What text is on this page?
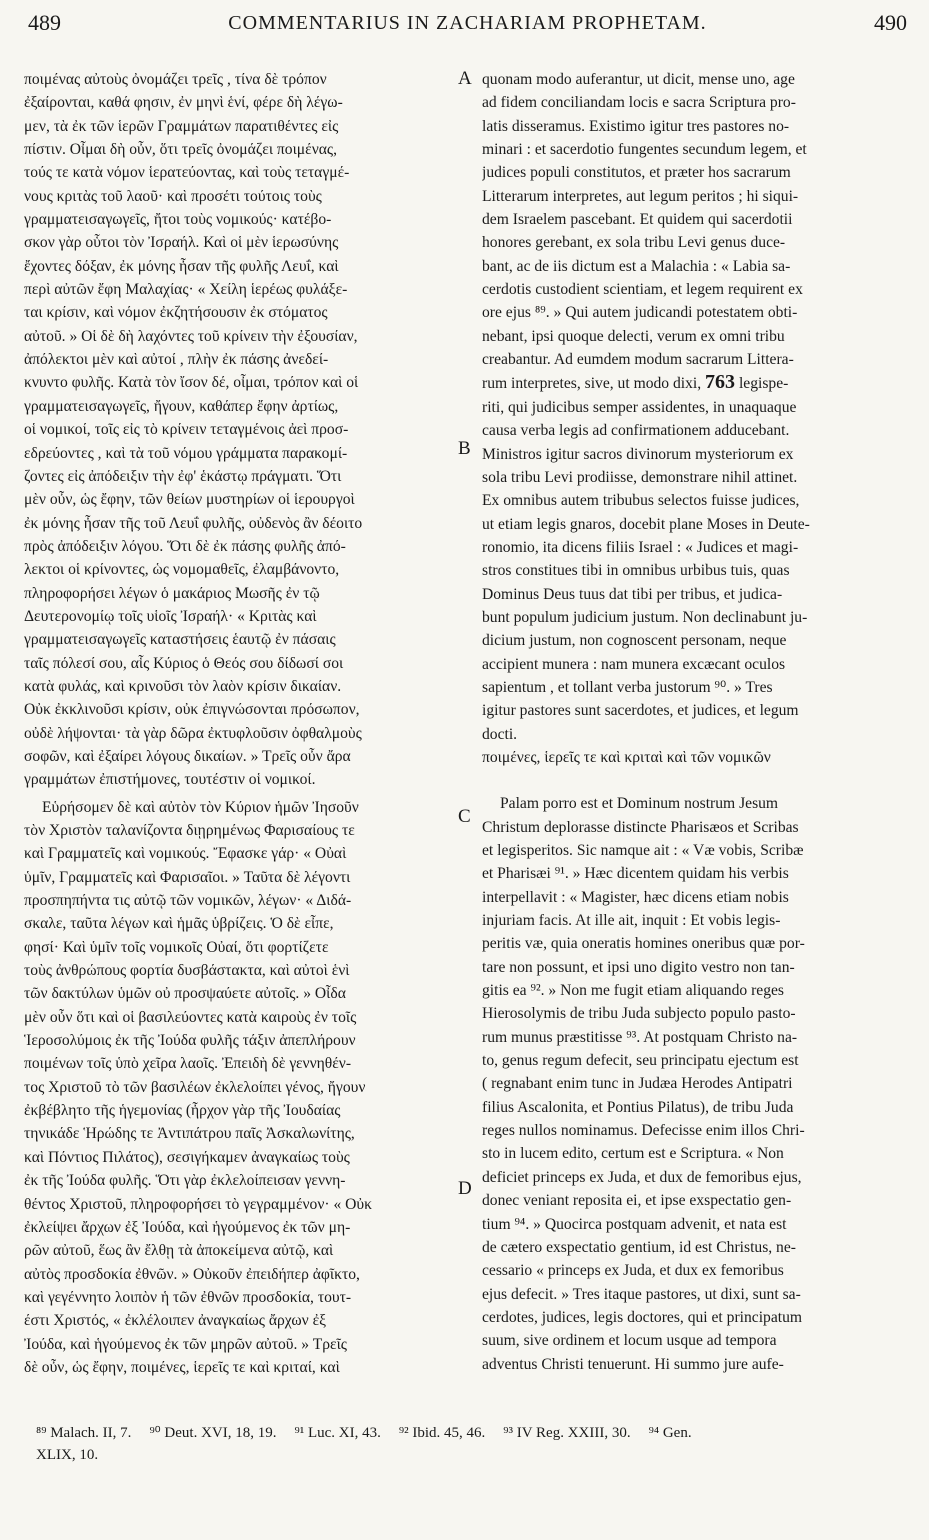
489	COMMENTARIUS IN ZACHARIAM PROPHETAM.	490
A
B
C
D
ποιμένας αὐτοὺς ὀνομάζει τρεῖς , τίνα δὲ τρόπον
ἐξαίρονται, καθά φησιν, ἐν μηνὶ ἑνί, φέρε δὴ λέγω-
μεν, τὰ ἐκ τῶν ἱερῶν Γραμμάτων παρατιθέντες εἰς
πίστιν. Οἶμαι δὴ οὖν, ὅτι τρεῖς ὀνομάζει ποιμένας,
τούς τε κατὰ νόμον ἱερατεύοντας, καὶ τοὺς τεταγμέ-
νους κριτὰς τοῦ λαοῦ· καὶ προσέτι τούτοις τοὺς
γραμματεισαγωγεῖς, ἤτοι τοὺς νομικούς· κατέβο-
σκον γὰρ οὗτοι τὸν Ἰσραήλ. Καὶ οἱ μὲν ἱερωσύνης
ἔχοντες δόξαν, ἐκ μόνης ἦσαν τῆς φυλῆς Λευΐ, καὶ
περὶ αὐτῶν ἔφη Μαλαχίας· « Χείλη ἱερέως φυλάξε-
ται κρίσιν, καὶ νόμον ἐκζητήσουσιν ἐκ στόματος
αὐτοῦ. » Οἱ δὲ δὴ λαχόντες τοῦ κρίνειν τὴν ἐξουσίαν,
ἀπόλεκτοι μὲν καὶ αὐτοί , πλὴν ἐκ πάσης ἀνεδεί-
κνυντο φυλῆς. Κατὰ τὸν ἴσον δέ, οἶμαι, τρόπον καὶ οἱ
γραμματεισαγωγεῖς, ἤγουν, καθάπερ ἔφην ἀρτίως,
οἱ νομικοί, τοῖς εἰς τὸ κρίνειν τεταγμένοις ἀεὶ προσ-
εδρεύοντες , καὶ τὰ τοῦ νόμου γράμματα παρακομί-
ζοντες εἰς ἀπόδειξιν τὴν ἐφ' ἑκάστῳ πράγματι. Ὅτι
μὲν οὖν, ὡς ἔφην, τῶν θείων μυστηρίων οἱ ἱερουργοὶ
ἐκ μόνης ἦσαν τῆς τοῦ Λευΐ φυλῆς, οὐδενὸς ἂν δέοιτο
πρὸς ἀπόδειξιν λόγου. Ὅτι δὲ ἐκ πάσης φυλῆς ἀπό-
λεκτοι οἱ κρίνοντες, ὡς νομομαθεῖς, ἐλαμβάνοντο,
πληροφορήσει λέγων ὁ μακάριος Μωσῆς ἐν τῷ
Δευτερονομίῳ τοῖς υἱοῖς Ἰσραήλ· « Κριτὰς καὶ
γραμματεισαγωγεῖς καταστήσεις ἑαυτῷ ἐν πάσαις
ταῖς πόλεσί σου, αἷς Κύριος ὁ Θεός σου δίδωσί σοι
κατὰ φυλάς, καὶ κρινοῦσι τὸν λαὸν κρίσιν δικαίαν.
Οὐκ ἐκκλινοῦσι κρίσιν, οὐκ ἐπιγνώσονται πρόσωπον,
οὐδὲ λήψονται· τὰ γὰρ δῶρα ἐκτυφλοῦσιν ὀφθαλμοὺς
σοφῶν, καὶ ἐξαίρει λόγους δικαίων. » Τρεῖς οὖν ἄρα
γραμμάτων ἐπιστήμονες, τουτέστιν οἱ νομικοί.
Εὑρήσομεν δὲ καὶ αὐτὸν τὸν Κύριον ἡμῶν Ἰησοῦν
τὸν Χριστὸν ταλανίζοντα διῃρημένως Φαρισαίους τε
καὶ Γραμματεῖς καὶ νομικούς. Ἔφασκε γάρ· « Οὐαὶ
ὑμῖν, Γραμματεῖς καὶ Φαρισαῖοι. » Ταῦτα δὲ λέγοντι
προσπηπήντα τις αὐτῷ τῶν νομικῶν, λέγων· « Διδά-
σκαλε, ταῦτα λέγων καὶ ἡμᾶς ὑβρίζεις. Ὁ δὲ εἶπε,
φησί· Καὶ ὑμῖν τοῖς νομικοῖς Οὐαί, ὅτι φορτίζετε
τοὺς ἀνθρώπους φορτία δυσβάστακτα, καὶ αὐτοὶ ἑνὶ
τῶν δακτύλων ὑμῶν οὐ προσψαύετε αὐτοῖς. » Οἶδα
μὲν οὖν ὅτι καὶ οἱ βασιλεύοντες κατὰ καιροὺς ἐν τοῖς
Ἱεροσολύμοις ἐκ τῆς Ἰούδα φυλῆς τάξιν ἀπεπλήρουν
ποιμένων τοῖς ὑπὸ χεῖρα λαοῖς. Ἐπειδὴ δὲ γεννηθέν-
τος Χριστοῦ τὸ τῶν βασιλέων ἐκλελοίπει γένος, ἤγουν
ἐκβέβλητο τῆς ἡγεμονίας (ἦρχον γὰρ τῆς Ἰουδαίας
τηνικάδε Ἡρώδης τε Ἀντιπάτρου παῖς Ἀσκαλωνίτης,
καὶ Πόντιος Πιλάτος), σεσιγήκαμεν ἀναγκαίως τοὺς
ἐκ τῆς Ἰούδα φυλῆς. Ὅτι γὰρ ἐκλελοίπεισαν γεννη-
θέντος Χριστοῦ, πληροφορήσει τὸ γεγραμμένον· « Οὐκ
ἐκλείψει ἄρχων ἐξ Ἰούδα, καὶ ἡγούμενος ἐκ τῶν μη-
ρῶν αὐτοῦ, ἕως ἂν ἔλθῃ τὰ ἀποκείμενα αὐτῷ, καὶ
αὐτὸς προσδοκία ἐθνῶν. » Οὐκοῦν ἐπειδήπερ ἀφῖκτο,
καὶ γεγέννητο λοιπὸν ἡ τῶν ἐθνῶν προσδοκία, τουτ-
έστι Χριστός, « ἐκλέλοιπεν ἀναγκαίως ἄρχων ἐξ
Ἰούδα, καὶ ἡγούμενος ἐκ τῶν μηρῶν αὐτοῦ. » Τρεῖς
δὲ οὖν, ὡς ἔφην, ποιμένες, ἱερεῖς τε καὶ κριταί, καὶ
quonam modo auferantur, ut dicit, mense uno, age
ad fidem conciliandam locis e sacra Scriptura pro-
latis disseramus. Existimo igitur tres pastores no-
minari : et sacerdotio fungentes secundum legem, et
judices populi constitutos, et præter hos sacrarum
Litterarum interpretes, aut legum peritos ; hi siqui-
dem Israelem pascebant. Et quidem qui sacerdotii
honores gerebant, ex sola tribu Levi genus duce-
bant, ac de iis dictum est a Malachia : « Labia sa-
cerdotis custodient scientiam, et legem requirent ex
ore ejus ⁸⁹. » Qui autem judicandi potestatem obti-
nebant, ipsi quoque delecti, verum ex omni tribu
creabantur. Ad eumdem modum sacrarum Littera-
rum interpretes, sive, ut modo dixi, 763 legispe-
riti, qui judicibus semper assidentes, in unaquaque
causa verba legis ad confirmationem adducebant.
Ministros igitur sacros divinorum mysteriorum ex
sola tribu Levi prodiisse, demonstrare nihil attinet.
Ex omnibus autem tribubus selectos fuisse judices,
ut etiam legis gnaros, docebit plane Moses in Deute-
ronomio, ita dicens filiis Israel : « Judices et magi-
stros constitues tibi in omnibus urbibus tuis, quas
Dominus Deus tuus dat tibi per tribus, et judica-
bunt populum judicium justum. Non declinabunt ju-
dicium justum, non cognoscent personam, neque
accipient munera : nam munera excæcant oculos
sapientum , et tollant verba justorum ⁹⁰. » Tres
igitur pastores sunt sacerdotes, et judices, et legum
docti.
ποιμένες, ἱερεῖς τε καὶ κριταὶ καὶ τῶν νομικῶν
Palam porro est et Dominum nostrum Jesum
Christum deplorasse distincte Pharisæos et Scribas
et legisperitos. Sic namque ait : « Væ vobis, Scribæ
et Pharisæi ⁹¹. » Hæc dicentem quidam his verbis
interpellavit : « Magister, hæc dicens etiam nobis
injuriam facis. At ille ait, inquit : Et vobis legis-
peritis væ, quia oneratis homines oneribus quæ por-
tare non possunt, et ipsi uno digito vestro non tan-
gitis ea ⁹². » Non me fugit etiam aliquando reges
Hierosolymis de tribu Juda subjecto populo pasto-
rum munus præstitisse ⁹³. At postquam Christo na-
to, genus regum defecit, seu principatu ejectum est
( regnabant enim tunc in Judæa Herodes Antipatri
filius Ascalonita, et Pontius Pilatus), de tribu Juda
reges nullos nominamus. Defecisse enim illos Chri-
sto in lucem edito, certum est e Scriptura. « Non
deficiet princeps ex Juda, et dux de femoribus ejus,
donec veniant reposita ei, et ipse exspectatio gen-
tium ⁹⁴. » Quocirca postquam advenit, et nata est
de cætero exspectatio gentium, id est Christus, ne-
cessario « princeps ex Juda, et dux ex femoribus
ejus defecit. » Tres itaque pastores, ut dixi, sunt sa-
cerdotes, judices, legis doctores, qui et principatum
suum, sive ordinem et locum usque ad tempora
adventus Christi tenuerunt. Hi summo jure aufe-
⁸⁹ Malach. II, 7. ⁹⁰ Deut. XVI, 18, 19. ⁹¹ Luc. XI, 43. ⁹² Ibid. 45, 46. ⁹³ IV Reg. XXIII, 30. ⁹⁴ Gen.
XLIX, 10.
